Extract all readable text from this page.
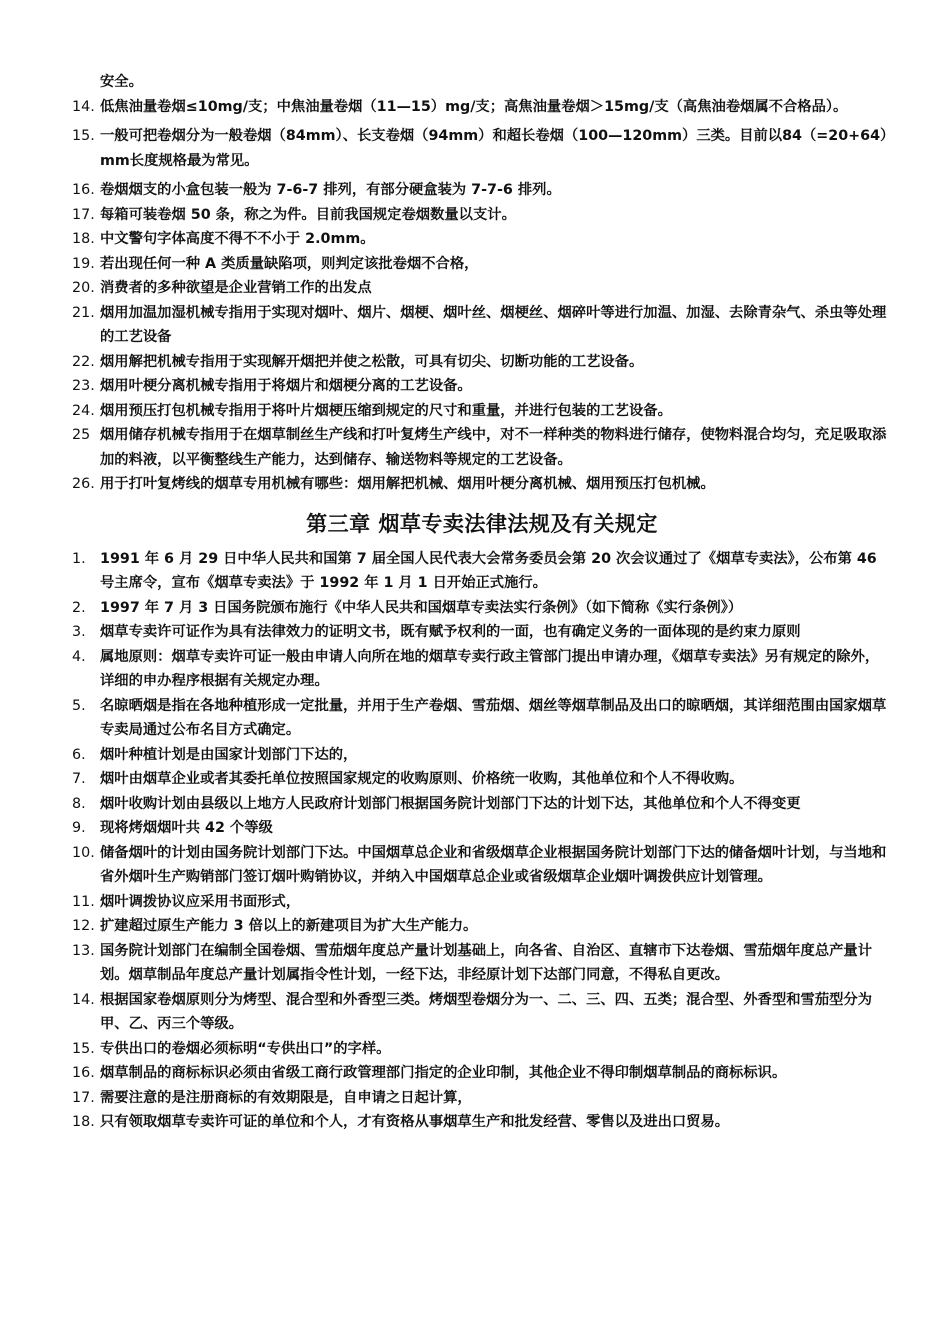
安全。

14. 低焦油量卷烟≤10mg/支；中焦油量卷烟（11—15）mg/支；高焦油量卷烟＞15mg/支（高焦油卷烟属不合格品）。

15. 一般可把卷烟分为一般卷烟（84mm）、长支卷烟（94mm）和超长卷烟（100—120mm）三类。目前以84（=20+64）mm长度规格最为常见。

16. 卷烟烟支的小盒包装一般为 7-6-7 排列，有部分硬盒装为 7-7-6 排列。

17. 每箱可装卷烟 50 条，称之为件。目前我国规定卷烟数量以支计。

18. 中文警句字体高度不得不不小于 2.0mm。

19. 若出现任何一种 A 类质量缺陷项，则判定该批卷烟不合格，

20. 消费者的多种欲望是企业营销工作的出发点

21. 烟用加温加湿机械专指用于实现对烟叶、烟片、烟梗、烟叶丝、烟梗丝、烟碎叶等进行加温、加湿、去除青杂气、杀虫等处理的工艺设备

22. 烟用解把机械专指用于实现解开烟把并使之松散，可具有切尖、切断功能的工艺设备。

23. 烟用叶梗分离机械专指用于将烟片和烟梗分离的工艺设备。

24. 烟用预压打包机械专指用于将叶片烟梗压缩到规定的尺寸和重量，并进行包装的工艺设备。

25 烟用储存机械专指用于在烟草制丝生产线和打叶复烤生产线中，对不一样种类的物料进行储存，使物料混合均匀，充足吸取添加的料液，以平衡整线生产能力，达到储存、输送物料等规定的工艺设备。

26. 用于打叶复烤线的烟草专用机械有哪些：烟用解把机械、烟用叶梗分离机械、烟用预压打包机械。

第三章 烟草专卖法律法规及有关规定

1.	1991 年 6 月 29 日中华人民共和国第 7 届全国人民代表大会常务委员会第 20 次会议通过了《烟草专卖法》，公布第 46 号主席令，宣布《烟草专卖法》于 1992 年 1 月 1 日开始正式施行。

2.	1997 年 7 月 3 日国务院颁布施行《中华人民共和国烟草专卖法实行条例》（如下简称《实行条例》）

3.	烟草专卖许可证作为具有法律效力的证明文书，既有赋予权利的一面，也有确定义务的一面体现的是约束力原则

4.	属地原则：烟草专卖许可证一般由申请人向所在地的烟草专卖行政主管部门提出申请办理，《烟草专卖法》另有规定的除外，详细的申办程序根据有关规定办理。

5.	名晾晒烟是指在各地种植形成一定批量，并用于生产卷烟、雪茄烟、烟丝等烟草制品及出口的晾晒烟，其详细范围由国家烟草专卖局通过公布名目方式确定。

6.	烟叶种植计划是由国家计划部门下达的，

7.	烟叶由烟草企业或者其委托单位按照国家规定的收购原则、价格统一收购，其他单位和个人不得收购。

8.	烟叶收购计划由县级以上地方人民政府计划部门根据国务院计划部门下达的计划下达，其他单位和个人不得变更

9.	现将烤烟烟叶共 42 个等级

10. 储备烟叶的计划由国务院计划部门下达。中国烟草总企业和省级烟草企业根据国务院计划部门下达的储备烟叶计划，与当地和省外烟叶生产购销部门签订烟叶购销协议，并纳入中国烟草总企业或省级烟草企业烟叶调拨供应计划管理。

11. 烟叶调拨协议应采用书面形式，

12. 扩建超过原生产能力 3 倍以上的新建项目为扩大生产能力。

13. 国务院计划部门在编制全国卷烟、雪茄烟年度总产量计划基础上，向各省、自治区、直辖市下达卷烟、雪茄烟年度总产量计划。烟草制品年度总产量计划属指令性计划，一经下达，非经原计划下达部门同意，不得私自更改。

14. 根据国家卷烟原则分为烤型、混合型和外香型三类。烤烟型卷烟分为一、二、三、四、五类；混合型、外香型和雪茄型分为甲、乙、丙三个等级。

15. 专供出口的卷烟必须标明“专供出口”的字样。

16. 烟草制品的商标标识必须由省级工商行政管理部门指定的企业印制，其他企业不得印制烟草制品的商标标识。

17. 需要注意的是注册商标的有效期限是，自申请之日起计算，

18. 只有领取烟草专卖许可证的单位和个人，才有资格从事烟草生产和批发经营、零售以及进出口贸易。
